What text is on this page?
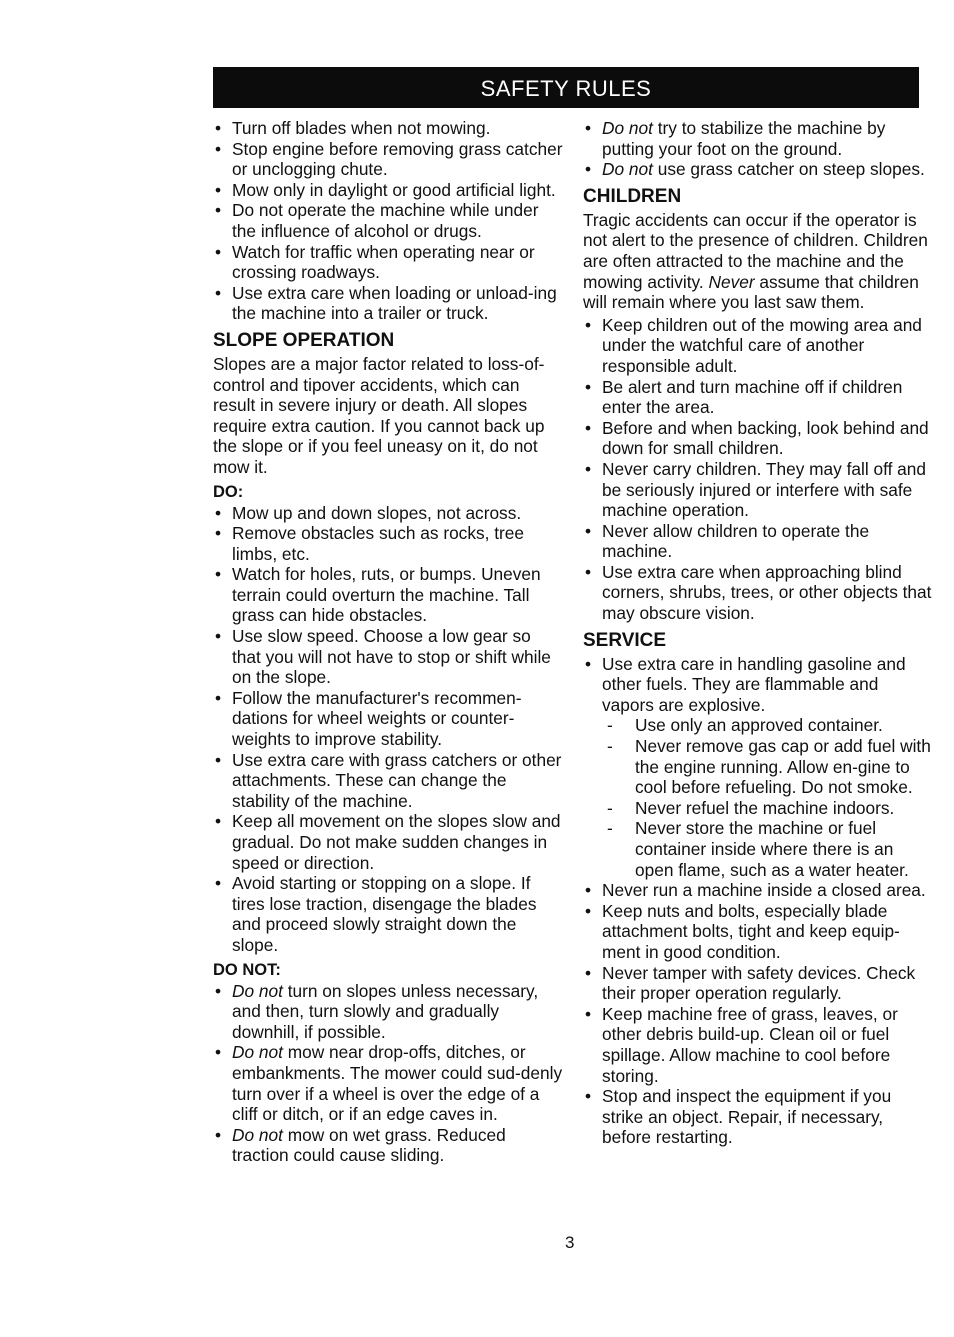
SAFETY RULES
• Turn off blades when not mowing.
• Stop engine before removing grass catcher or unclogging chute.
• Mow only in daylight or good artificial light.
• Do not operate the machine while under the influence of alcohol or drugs.
• Watch for traffic when operating near or crossing roadways.
• Use extra care when loading or unload-ing the machine into a trailer or truck.
SLOPE OPERATION

Slopes are a major factor related to loss-of-control and tipover accidents, which can result in severe injury or death. All slopes require extra caution. If you cannot back up the slope or if you feel uneasy on it, do not mow it.

DO:
• Mow up and down slopes, not across.
• Remove obstacles such as rocks, tree limbs, etc.
• Watch for holes, ruts, or bumps. Uneven terrain could overturn the machine. Tall grass can hide obstacles.
• Use slow speed. Choose a low gear so that you will not have to stop or shift while on the slope.
• Follow the manufacturer's recommen-dations for wheel weights or counter-weights to improve stability.
• Use extra care with grass catchers or other attachments. These can change the stability of the machine.
• Keep all movement on the slopes slow and gradual. Do not make sudden changes in speed or direction.
• Avoid starting or stopping on a slope. If tires lose traction, disengage the blades and proceed slowly straight down the slope.
DO NOT:
• Do not turn on slopes unless necessary, and then, turn slowly and gradually downhill, if possible.
• Do not mow near drop-offs, ditches, or embankments. The mower could sud-denly turn over if a wheel is over the edge of a cliff or ditch, or if an edge caves in.
• Do not mow on wet grass. Reduced traction could cause sliding.
• Do not try to stabilize the machine by putting your foot on the ground.
• Do not use grass catcher on steep slopes.
CHILDREN

Tragic accidents can occur if the operator is not alert to the presence of children. Children are often attracted to the machine and the mowing activity. Never assume that children will remain where you last saw them.

• Keep children out of the mowing area and under the watchful care of another responsible adult.
• Be alert and turn machine off if children enter the area.
• Before and when backing, look behind and down for small children.
• Never carry children. They may fall off and be seriously injured or interfere with safe machine operation.
• Never allow children to operate the machine.
• Use extra care when approaching blind corners, shrubs, trees, or other objects that may obscure vision.
SERVICE
• Use extra care in handling gasoline and other fuels. They are flammable and vapors are explosive.
- Use only an approved container.
- Never remove gas cap or add fuel with the engine running. Allow en-gine to cool before refueling. Do not smoke.
- Never refuel the machine indoors.
- Never store the machine or fuel container inside where there is an open flame, such as a water heater.
• Never run a machine inside a closed area.
• Keep nuts and bolts, especially blade attachment bolts, tight and keep equip-ment in good condition.
• Never tamper with safety devices. Check their proper operation regularly.
• Keep machine free of grass, leaves, or other debris build-up. Clean oil or fuel spillage. Allow machine to cool before storing.
• Stop and inspect the equipment if you strike an object. Repair, if necessary, before restarting.
3
